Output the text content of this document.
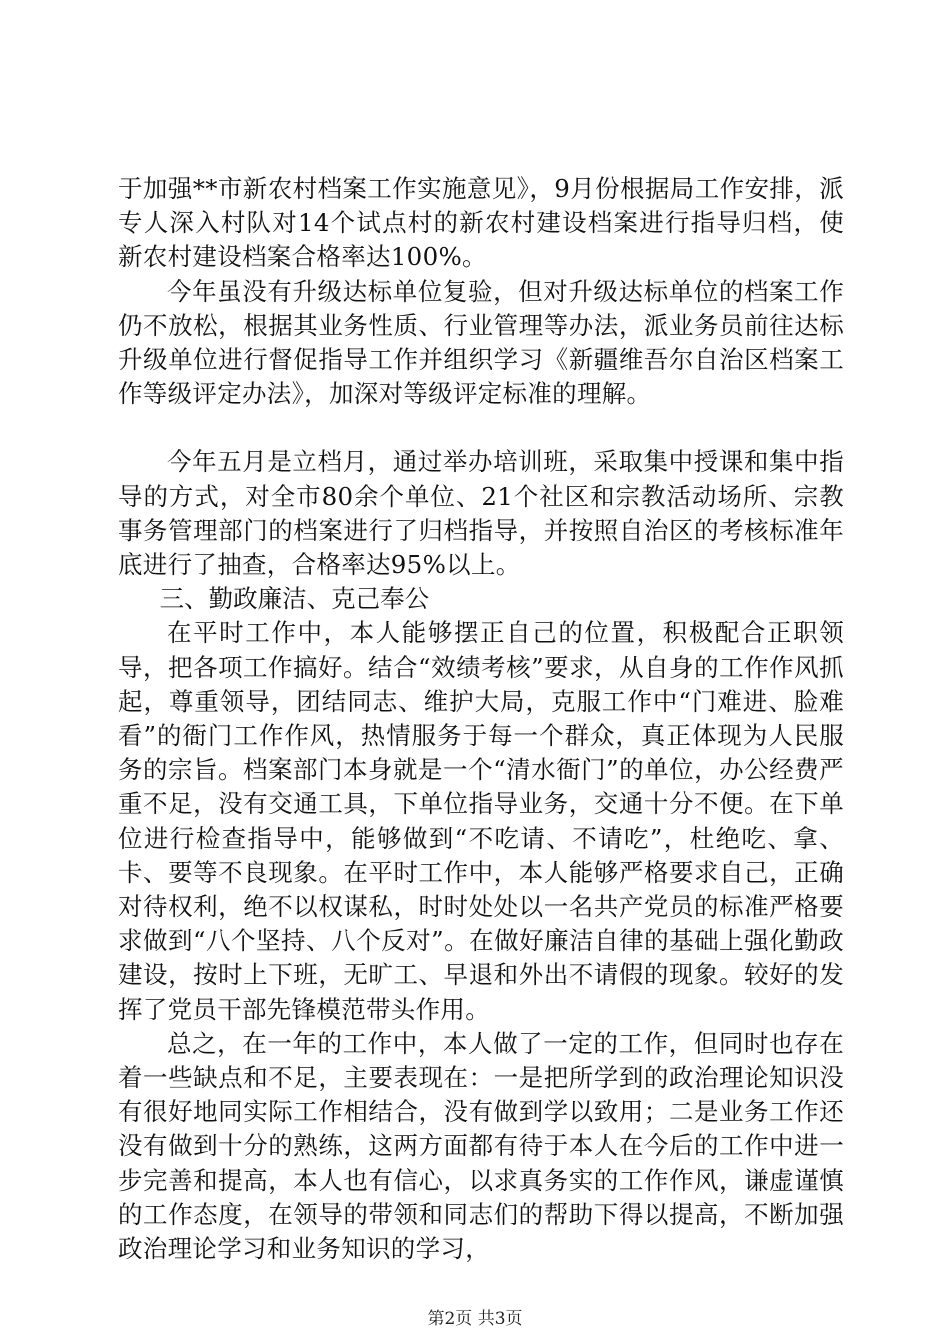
于加强**市新农村档案工作实施意见》，9月份根据局工作安排，派专人深入村队对14个试点村的新农村建设档案进行指导归档，使新农村建设档案合格率达100%。

今年虽没有升级达标单位复验，但对升级达标单位的档案工作仍不放松，根据其业务性质、行业管理等办法，派业务员前往达标升级单位进行督促指导工作并组织学习《新疆维吾尔自治区档案工作等级评定办法》，加深对等级评定标准的理解。

今年五月是立档月，通过举办培训班，采取集中授课和集中指导的方式，对全市80余个单位、21个社区和宗教活动场所、宗教事务管理部门的档案进行了归档指导，并按照自治区的考核标准年底进行了抽查，合格率达95%以上。

三、勤政廉洁、克己奉公

在平时工作中，本人能够摆正自己的位置，积极配合正职领导，把各项工作搞好。结合“效绩考核”要求，从自身的工作作风抓起，尊重领导，团结同志、维护大局，克服工作中“门难进、脸难看”的衙门工作作风，热情服务于每一个群众，真正体现为人民服务的宗旨。档案部门本身就是一个“清水衙门”的单位，办公经费严重不足，没有交通工具，下单位指导业务，交通十分不便。在下单位进行检查指导中，能够做到“不吃请、不请吃”，杜绝吃、拿、卡、要等不良现象。在平时工作中，本人能够严格要求自己，正确对待权利，绝不以权谋私，时时处处以一名共产党员的标准严格要求做到“八个坚持、八个反对”。在做好廉洁自律的基础上强化勤政建设，按时上下班，无旷工、早退和外出不请假的现象。较好的发挥了党员干部先锋模范带头作用。

总之，在一年的工作中，本人做了一定的工作，但同时也存在着一些缺点和不足，主要表现在：一是把所学到的政治理论知识没有很好地同实际工作相结合，没有做到学以致用；二是业务工作还没有做到十分的熟练，这两方面都有待于本人在今后的工作中进一步完善和提高，本人也有信心，以求真务实的工作作风，谦虚谨慎的工作态度，在领导的带领和同志们的帮助下得以提高，不断加强政治理论学习和业务知识的学习，

第2页 共3页
